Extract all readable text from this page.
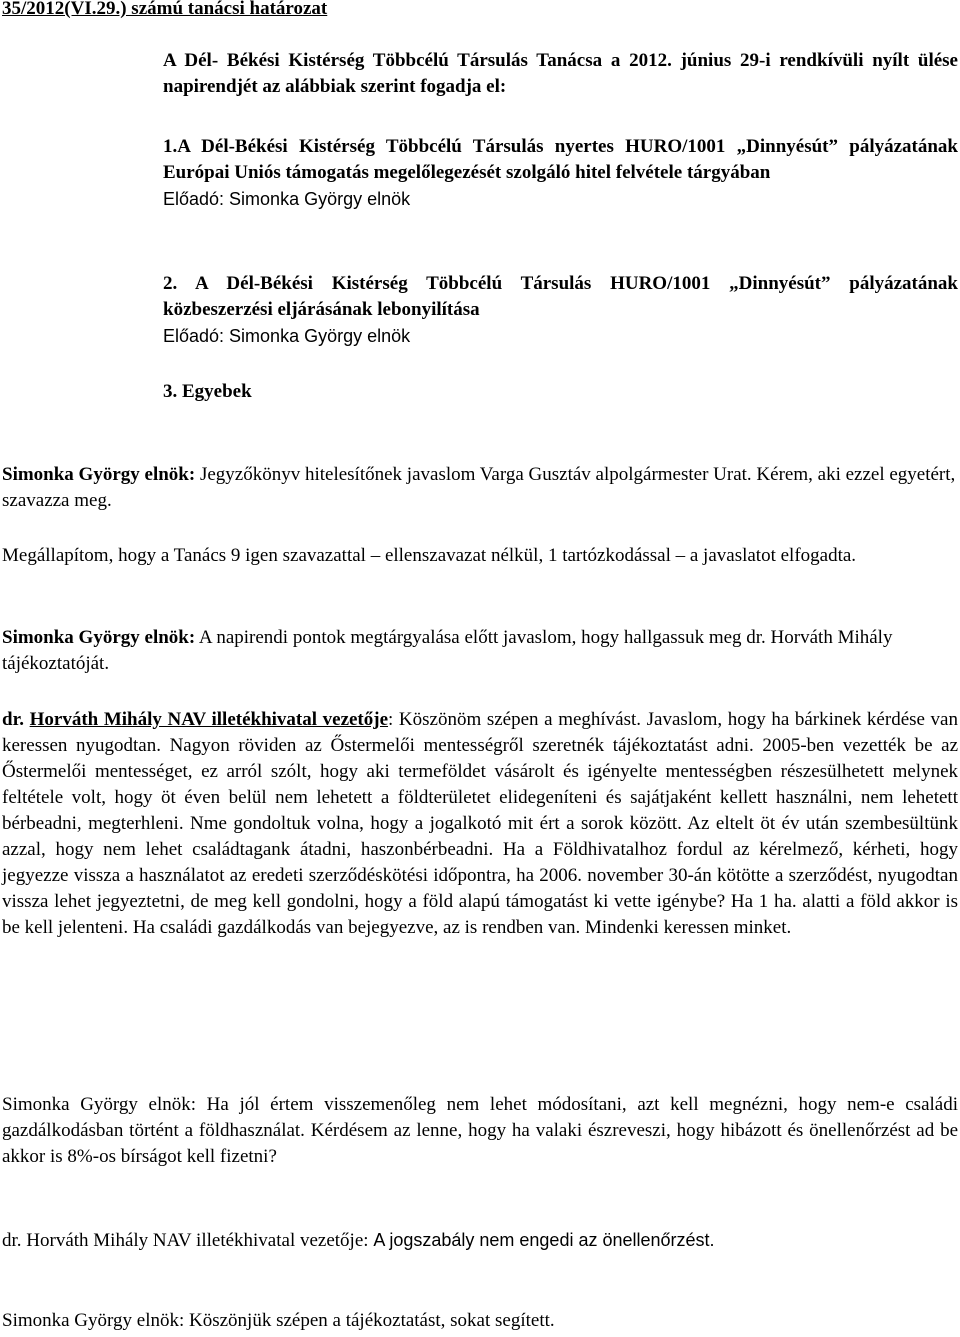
35/2012(VI.29.) számú tanácsi határozat

A Dél- Békési Kistérség Többcélú Társulás Tanácsa a 2012. június 29-i rendkívüli nyílt ülése napirendjét az alábbiak szerint fogadja el:

1.A Dél-Békési Kistérség Többcélú Társulás nyertes HURO/1001 „Dinnyésút” pályázatának Európai Uniós támogatás megelőlegezését szolgáló hitel felvétele tárgyában
Előadó: Simonka György elnök
2. A Dél-Békési Kistérség Többcélú Társulás HURO/1001 „Dinnyésút” pályázatának közbeszerzési eljárásának lebonyilítása
Előadó: Simonka György elnök
3. Egyebek

Simonka György elnök: Jegyzőkönyv hitelesítőnek javaslom Varga Gusztáv alpolgármester Urat. Kérem, aki ezzel egyetért, szavazza meg.

Megállapítom, hogy a Tanács 9 igen szavazattal – ellenszavazat nélkül, 1 tartózkodással – a javaslatot elfogadta.

Simonka György elnök: A napirendi pontok megtárgyalása előtt javaslom, hogy hallgassuk meg dr. Horváth Mihály tájékoztatóját.

dr. Horváth Mihály NAV illetékhivatal vezetője: Köszönöm szépen a meghívást. Javaslom, hogy ha bárkinek kérdése van keressen nyugodtan. Nagyon röviden az Őstermelői mentességről szeretnék tájékoztatást adni. 2005-ben vezették be az Őstermelői mentességet, ez arról szólt, hogy aki termeföldet vásárolt és igényelte mentességben részesülhetett melynek feltétele volt, hogy öt éven belül nem lehetett a földterületet elidegeníteni és sajátjaként kellett használni, nem lehetett bérbeadni, megterhleni. Nme gondoltuk volna, hogy a jogalkotó mit ért a sorok között. Az eltelt öt év után szembesültünk azzal, hogy nem lehet családtagank átadni, haszonbérbeadni. Ha a Földhivatalhoz fordul az kérelmező, kérheti, hogy jegyezze vissza a használatot az eredeti szerződéskötési időpontra, ha 2006. november 30-án kötötte a szerződést, nyugodtan vissza lehet jegyeztetni, de meg kell gondolni, hogy a föld alapú támogatást ki vette igénybe? Ha 1 ha. alatti a föld akkor is be kell jelenteni. Ha családi gazdálkodás van bejegyezve, az is rendben van. Mindenki keressen minket.

Simonka György elnök: Ha jól értem visszemenőleg nem lehet módosítani, azt kell megnézni, hogy nem-e családi gazdálkodásban történt a földhasználat. Kérdésem az lenne, hogy ha valaki észreveszi, hogy hibázott és önellenőrzést ad be akkor is 8%-os bírságot kell fizetni?

dr. Horváth Mihály NAV illetékhivatal vezetője: A jogszabály nem engedi az önellenőrzést.

Simonka György elnök: Köszönjük szépen a tájékoztatást, sokat segített.
